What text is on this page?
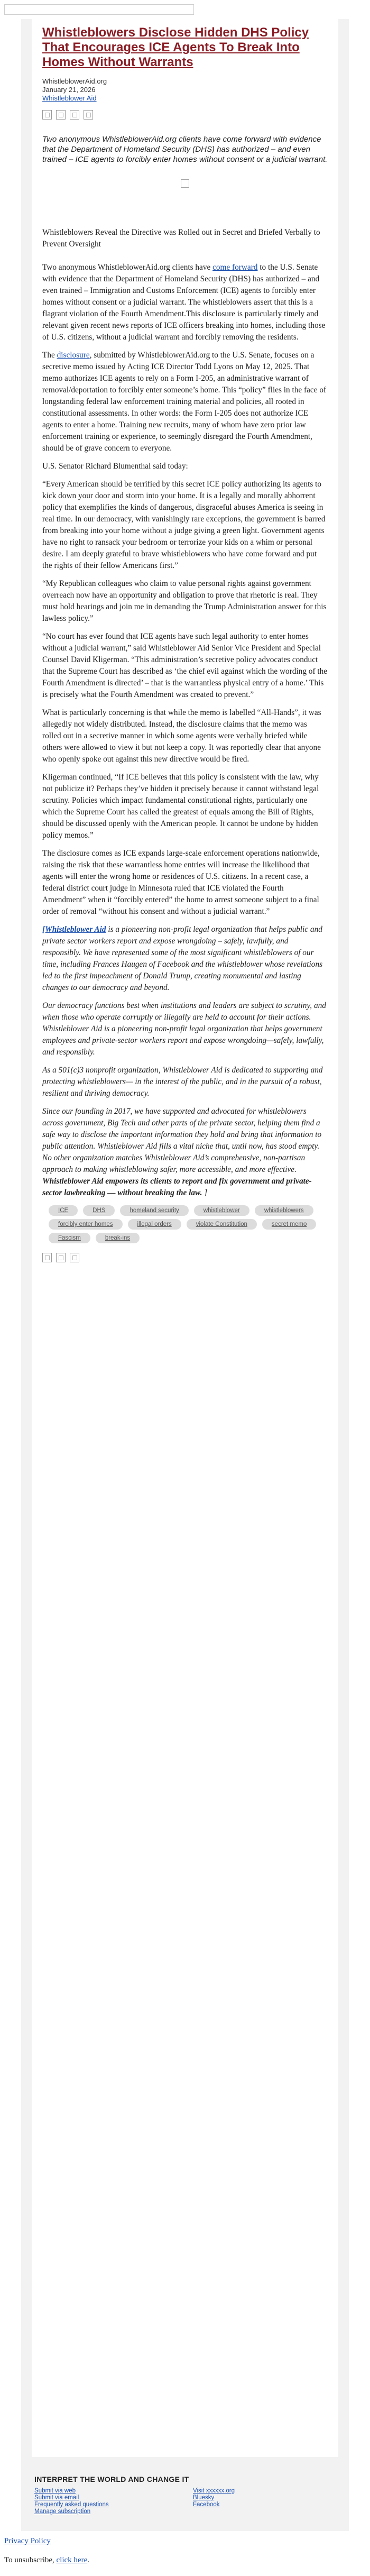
Whistleblowers Disclose Hidden DHS Policy That Encourages ICE Agents To Break Into Homes Without Warrants
WhistleblowerAid.org
January 21, 2026
Whistleblower Aid
Two anonymous WhistleblowerAid.org clients have come forward with evidence that the Department of Homeland Security (DHS) has authorized – and even trained – ICE agents to forcibly enter homes without consent or a judicial warrant.
Whistleblowers Reveal the Directive was Rolled out in Secret and Briefed Verbally to Prevent Oversight

Two anonymous WhistleblowerAid.org clients have come forward to the U.S. Senate with evidence that the Department of Homeland Security (DHS) has authorized – and even trained – Immigration and Customs Enforcement (ICE) agents to forcibly enter homes without consent or a judicial warrant. The whistleblowers assert that this is a flagrant violation of the Fourth Amendment.This disclosure is particularly timely and relevant given recent news reports of ICE officers breaking into homes, including those of U.S. citizens, without a judicial warrant and forcibly removing the residents.

The disclosure, submitted by WhistleblowerAid.org to the U.S. Senate, focuses on a secretive memo issued by Acting ICE Director Todd Lyons on May 12, 2025. That memo authorizes ICE agents to rely on a Form I-205, an administrative warrant of removal/deportation to forcibly enter someone’s home. This “policy” flies in the face of longstanding federal law enforcement training material and policies, all rooted in constitutional assessments. In other words: the Form I-205 does not authorize ICE agents to enter a home. Training new recruits, many of whom have zero prior law enforcement training or experience, to seemingly disregard the Fourth Amendment, should be of grave concern to everyone.

U.S. Senator Richard Blumenthal said today:

“Every American should be terrified by this secret ICE policy authorizing its agents to kick down your door and storm into your home. It is a legally and morally abhorrent policy that exemplifies the kinds of dangerous, disgraceful abuses America is seeing in real time. In our democracy, with vanishingly rare exceptions, the government is barred from breaking into your home without a judge giving a green light. Government agents have no right to ransack your bedroom or terrorize your kids on a whim or personal desire. I am deeply grateful to brave whistleblowers who have come forward and put the rights of their fellow Americans first.”

“My Republican colleagues who claim to value personal rights against government overreach now have an opportunity and obligation to prove that rhetoric is real. They must hold hearings and join me in demanding the Trump Administration answer for this lawless policy.”

“No court has ever found that ICE agents have such legal authority to enter homes without a judicial warrant,” said Whistleblower Aid Senior Vice President and Special Counsel David Kligerman. “This administration’s secretive policy advocates conduct that the Supreme Court has described as ‘the chief evil against which the wording of the Fourth Amendment is directed’ – that is the warrantless physical entry of a home.’ This is precisely what the Fourth Amendment was created to prevent.”

What is particularly concerning is that while the memo is labelled “All-Hands”, it was allegedly not widely distributed. Instead, the disclosure claims that the memo was rolled out in a secretive manner in which some agents were verbally briefed while others were allowed to view it but not keep a copy. It was reportedly clear that anyone who openly spoke out against this new directive would be fired.

Kligerman continued, “If ICE believes that this policy is consistent with the law, why not publicize it? Perhaps they’ve hidden it precisely because it cannot withstand legal scrutiny. Policies which impact fundamental constitutional rights, particularly one which the Supreme Court has called the greatest of equals among the Bill of Rights, should be discussed openly with the American people. It cannot be undone by hidden policy memos.”

The disclosure comes as ICE expands large-scale enforcement operations nationwide, raising the risk that these warrantless home entries will increase the likelihood that agents will enter the wrong home or residences of U.S. citizens. In a recent case, a federal district court judge in Minnesota ruled that ICE violated the Fourth Amendment” when it “forcibly entered” the home to arrest someone subject to a final order of removal “without his consent and without a judicial warrant.”

[Whistleblower Aid is a pioneering non-profit legal organization that helps public and private sector workers report and expose wrongdoing – safely, lawfully, and responsibly. We have represented some of the most significant whistleblowers of our time, including Frances Haugen of Facebook and the whistleblower whose revelations led to the first impeachment of Donald Trump, creating monumental and lasting changes to our democracy and beyond.

Our democracy functions best when institutions and leaders are subject to scrutiny, and when those who operate corruptly or illegally are held to account for their actions. Whistleblower Aid is a pioneering non-profit legal organization that helps government employees and private-sector workers report and expose wrongdoing—safely, lawfully, and responsibly.

As a 501(c)3 nonprofit organization, Whistleblower Aid is dedicated to supporting and protecting whistleblowers— in the interest of the public, and in the pursuit of a robust, resilient and thriving democracy.

Since our founding in 2017, we have supported and advocated for whistleblowers across government, Big Tech and other parts of the private sector, helping them find a safe way to disclose the important information they hold and bring that information to public attention. Whistleblower Aid fills a vital niche that, until now, has stood empty. No other organization matches Whistleblower Aid’s comprehensive, non-partisan approach to making whistleblowing safer, more accessible, and more effective. Whistleblower Aid empowers its clients to report and fix government and private-sector lawbreaking — without breaking the law. ]

ICE	DHS	homeland security	whistleblower	whistleblowers
forcibly enter homes	illegal orders	violate Constitution	secret memo
Fascism	break-ins
INTERPRET THE WORLD AND CHANGE IT
Submit via web
Submit via email
Frequently asked questions
Manage subscription
Visit xxxxxx.org
Bluesky
Facebook
Privacy Policy
To unsubscribe, click here.
